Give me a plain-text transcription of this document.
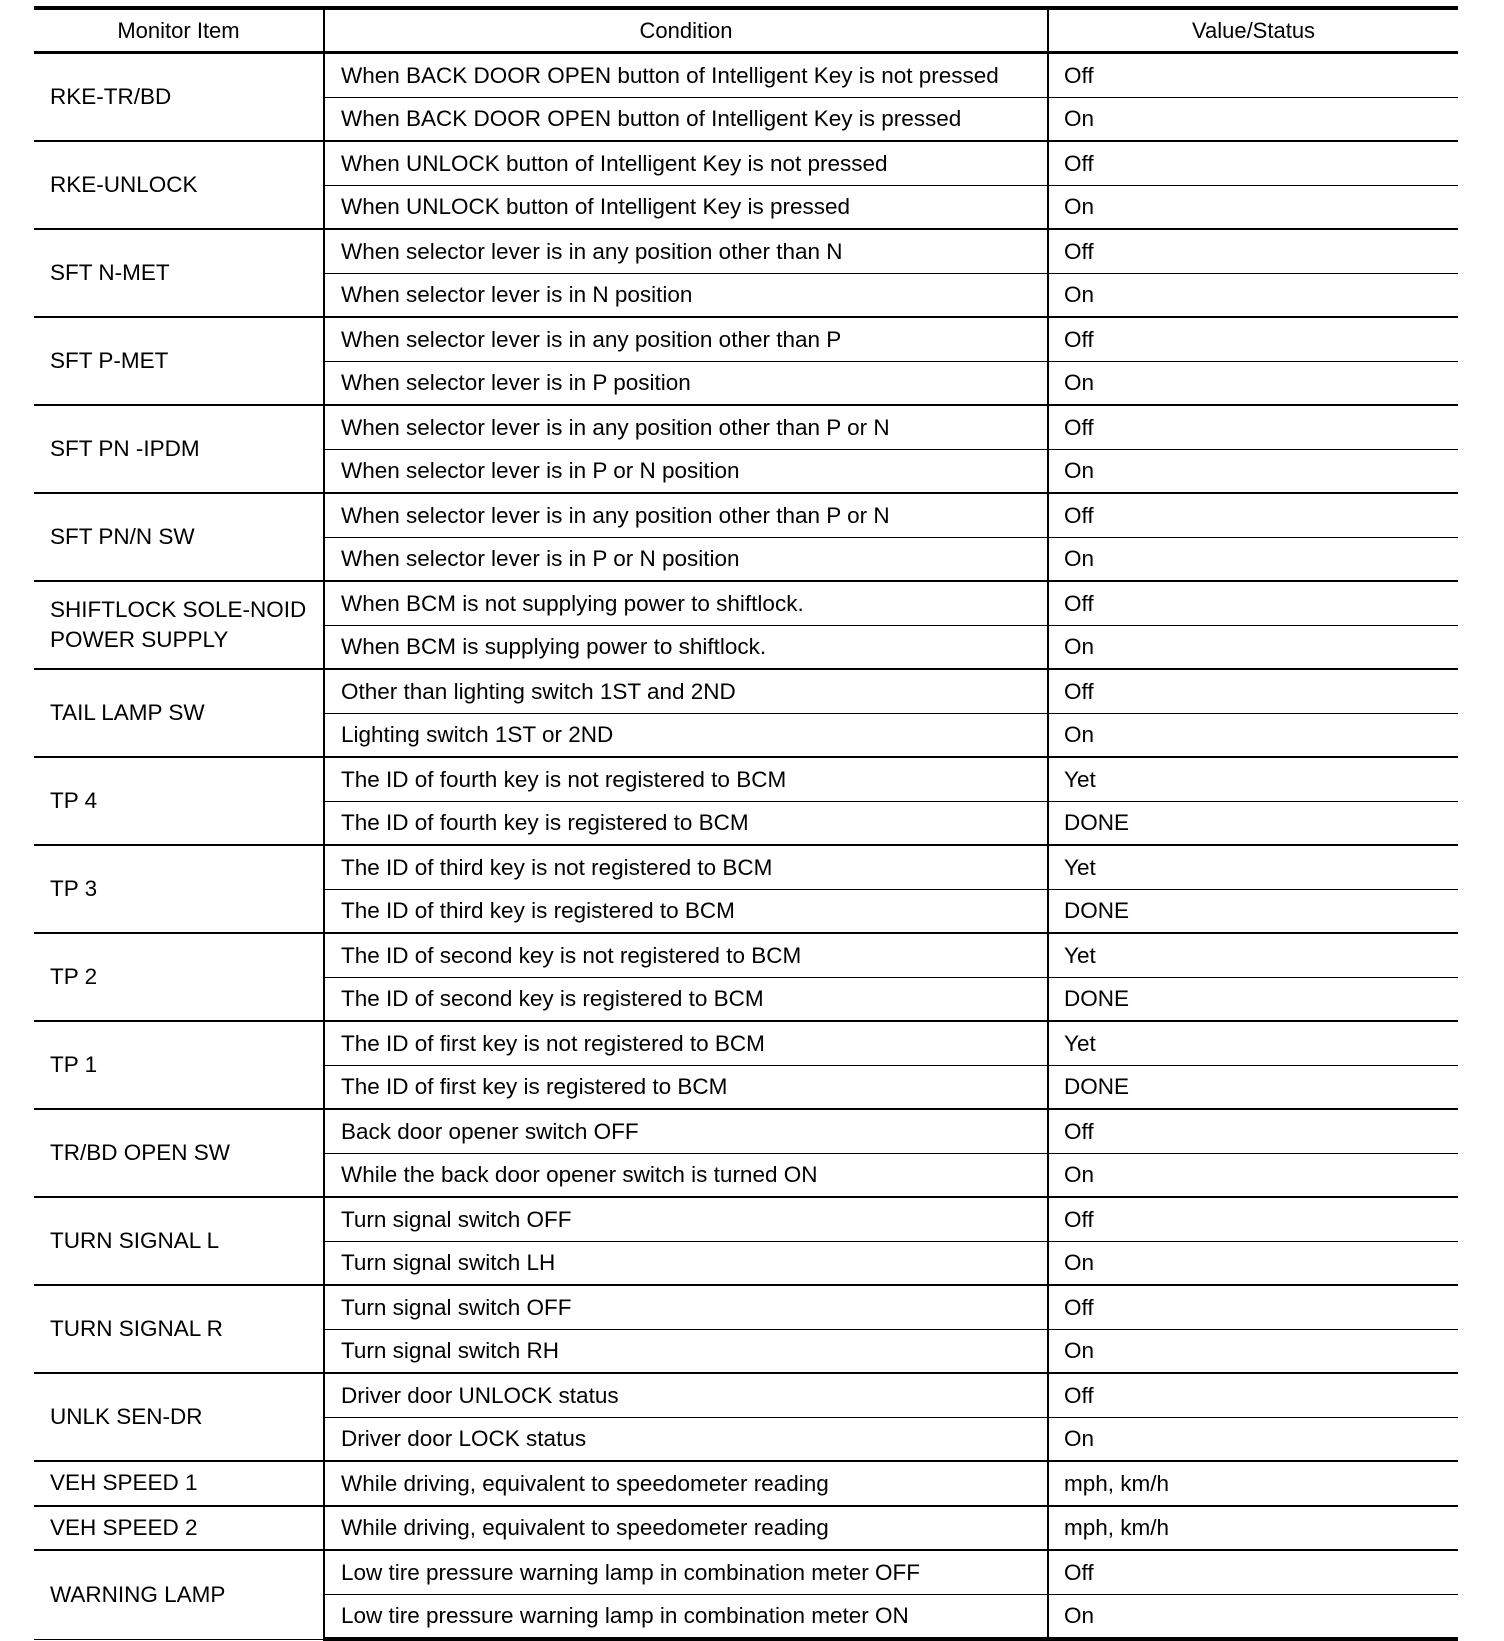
Monitor Item	Condition	Value/Status
RKE-TR/BD	When BACK DOOR OPEN button of Intelligent Key is not pressed	Off
	When BACK DOOR OPEN button of Intelligent Key is pressed	On
RKE-UNLOCK	When UNLOCK button of Intelligent Key is not pressed	Off
	When UNLOCK button of Intelligent Key is pressed	On
SFT N-MET	When selector lever is in any position other than N	Off
	When selector lever is in N position	On
SFT P-MET	When selector lever is in any position other than P	Off
	When selector lever is in P position	On
SFT PN -IPDM	When selector lever is in any position other than P or N	Off
	When selector lever is in P or N position	On
SFT PN/N SW	When selector lever is in any position other than P or N	Off
	When selector lever is in P or N position	On
SHIFTLOCK SOLE-NOID POWER SUPPLY	When BCM is not supplying power to shiftlock.	Off
	When BCM is supplying power to shiftlock.	On
TAIL LAMP SW	Other than lighting switch 1ST and 2ND	Off
	Lighting switch 1ST or 2ND	On
TP 4	The ID of fourth key is not registered to BCM	Yet
	The ID of fourth key is registered to BCM	DONE
TP 3	The ID of third key is not registered to BCM	Yet
	The ID of third key is registered to BCM	DONE
TP 2	The ID of second key is not registered to BCM	Yet
	The ID of second key is registered to BCM	DONE
TP 1	The ID of first key is not registered to BCM	Yet
	The ID of first key is registered to BCM	DONE
TR/BD OPEN SW	Back door opener switch OFF	Off
	While the back door opener switch is turned ON	On
TURN SIGNAL L	Turn signal switch OFF	Off
	Turn signal switch LH	On
TURN SIGNAL R	Turn signal switch OFF	Off
	Turn signal switch RH	On
UNLK SEN-DR	Driver door UNLOCK status	Off
	Driver door LOCK status	On
VEH SPEED 1	While driving, equivalent to speedometer reading	mph, km/h
VEH SPEED 2	While driving, equivalent to speedometer reading	mph, km/h
WARNING LAMP	Low tire pressure warning lamp in combination meter OFF	Off
	Low tire pressure warning lamp in combination meter ON	On
